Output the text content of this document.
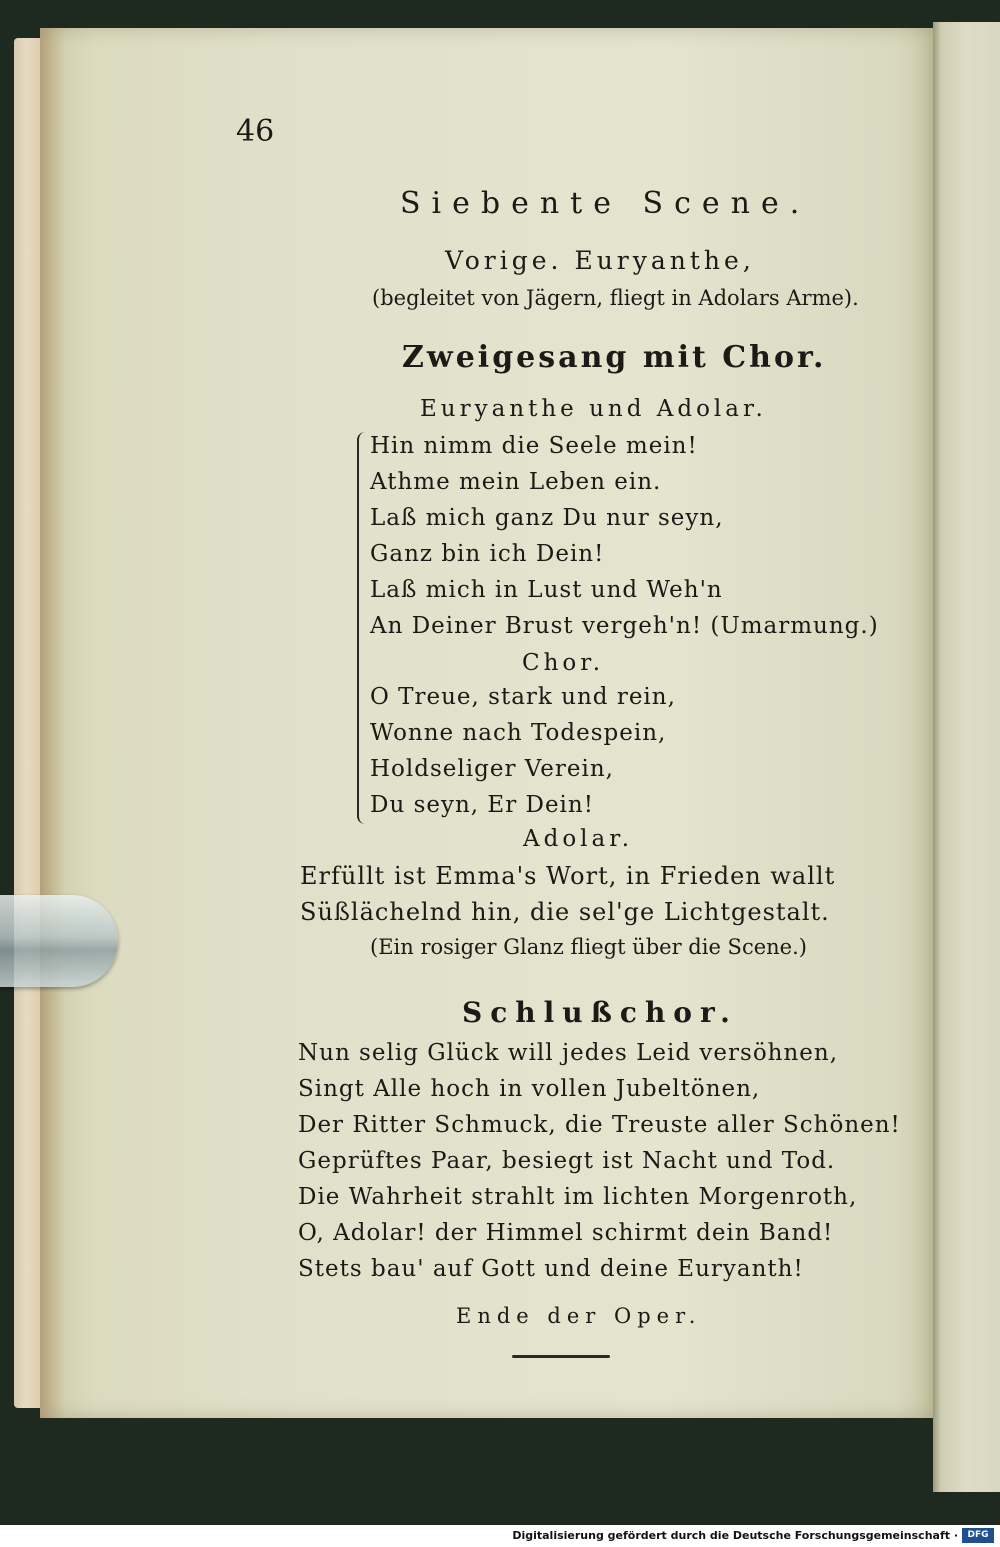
46
Siebente Scene.
Vorige. Euryanthe,
(begleitet von Jägern, fliegt in Adolars Arme).
Zweigesang mit Chor.
Euryanthe und Adolar.
Hin nimm die Seele mein!
Athme mein Leben ein.
Laß mich ganz Du nur seyn,
Ganz bin ich Dein!
Laß mich in Lust und Weh'n
An Deiner Brust vergeh'n! (Umarmung.)
Chor.
O Treue, stark und rein,
Wonne nach Todespein,
Holdseliger Verein,
Du seyn, Er Dein!
Adolar.
Erfüllt ist Emma's Wort, in Frieden wallt
Süßlächelnd hin, die sel'ge Lichtgestalt.
(Ein rosiger Glanz fliegt über die Scene.)
Schlußchor.
Nun selig Glück will jedes Leid versöhnen,
Singt Alle hoch in vollen Jubeltönen,
Der Ritter Schmuck, die Treuste aller Schönen!
Geprüftes Paar, besiegt ist Nacht und Tod.
Die Wahrheit strahlt im lichten Morgenroth,
O, Adolar! der Himmel schirmt dein Band!
Stets bau' auf Gott und deine Euryanth!
Ende der Oper.
Digitalisierung gefördert durch die Deutsche Forschungsgemeinschaft ·	DFG
